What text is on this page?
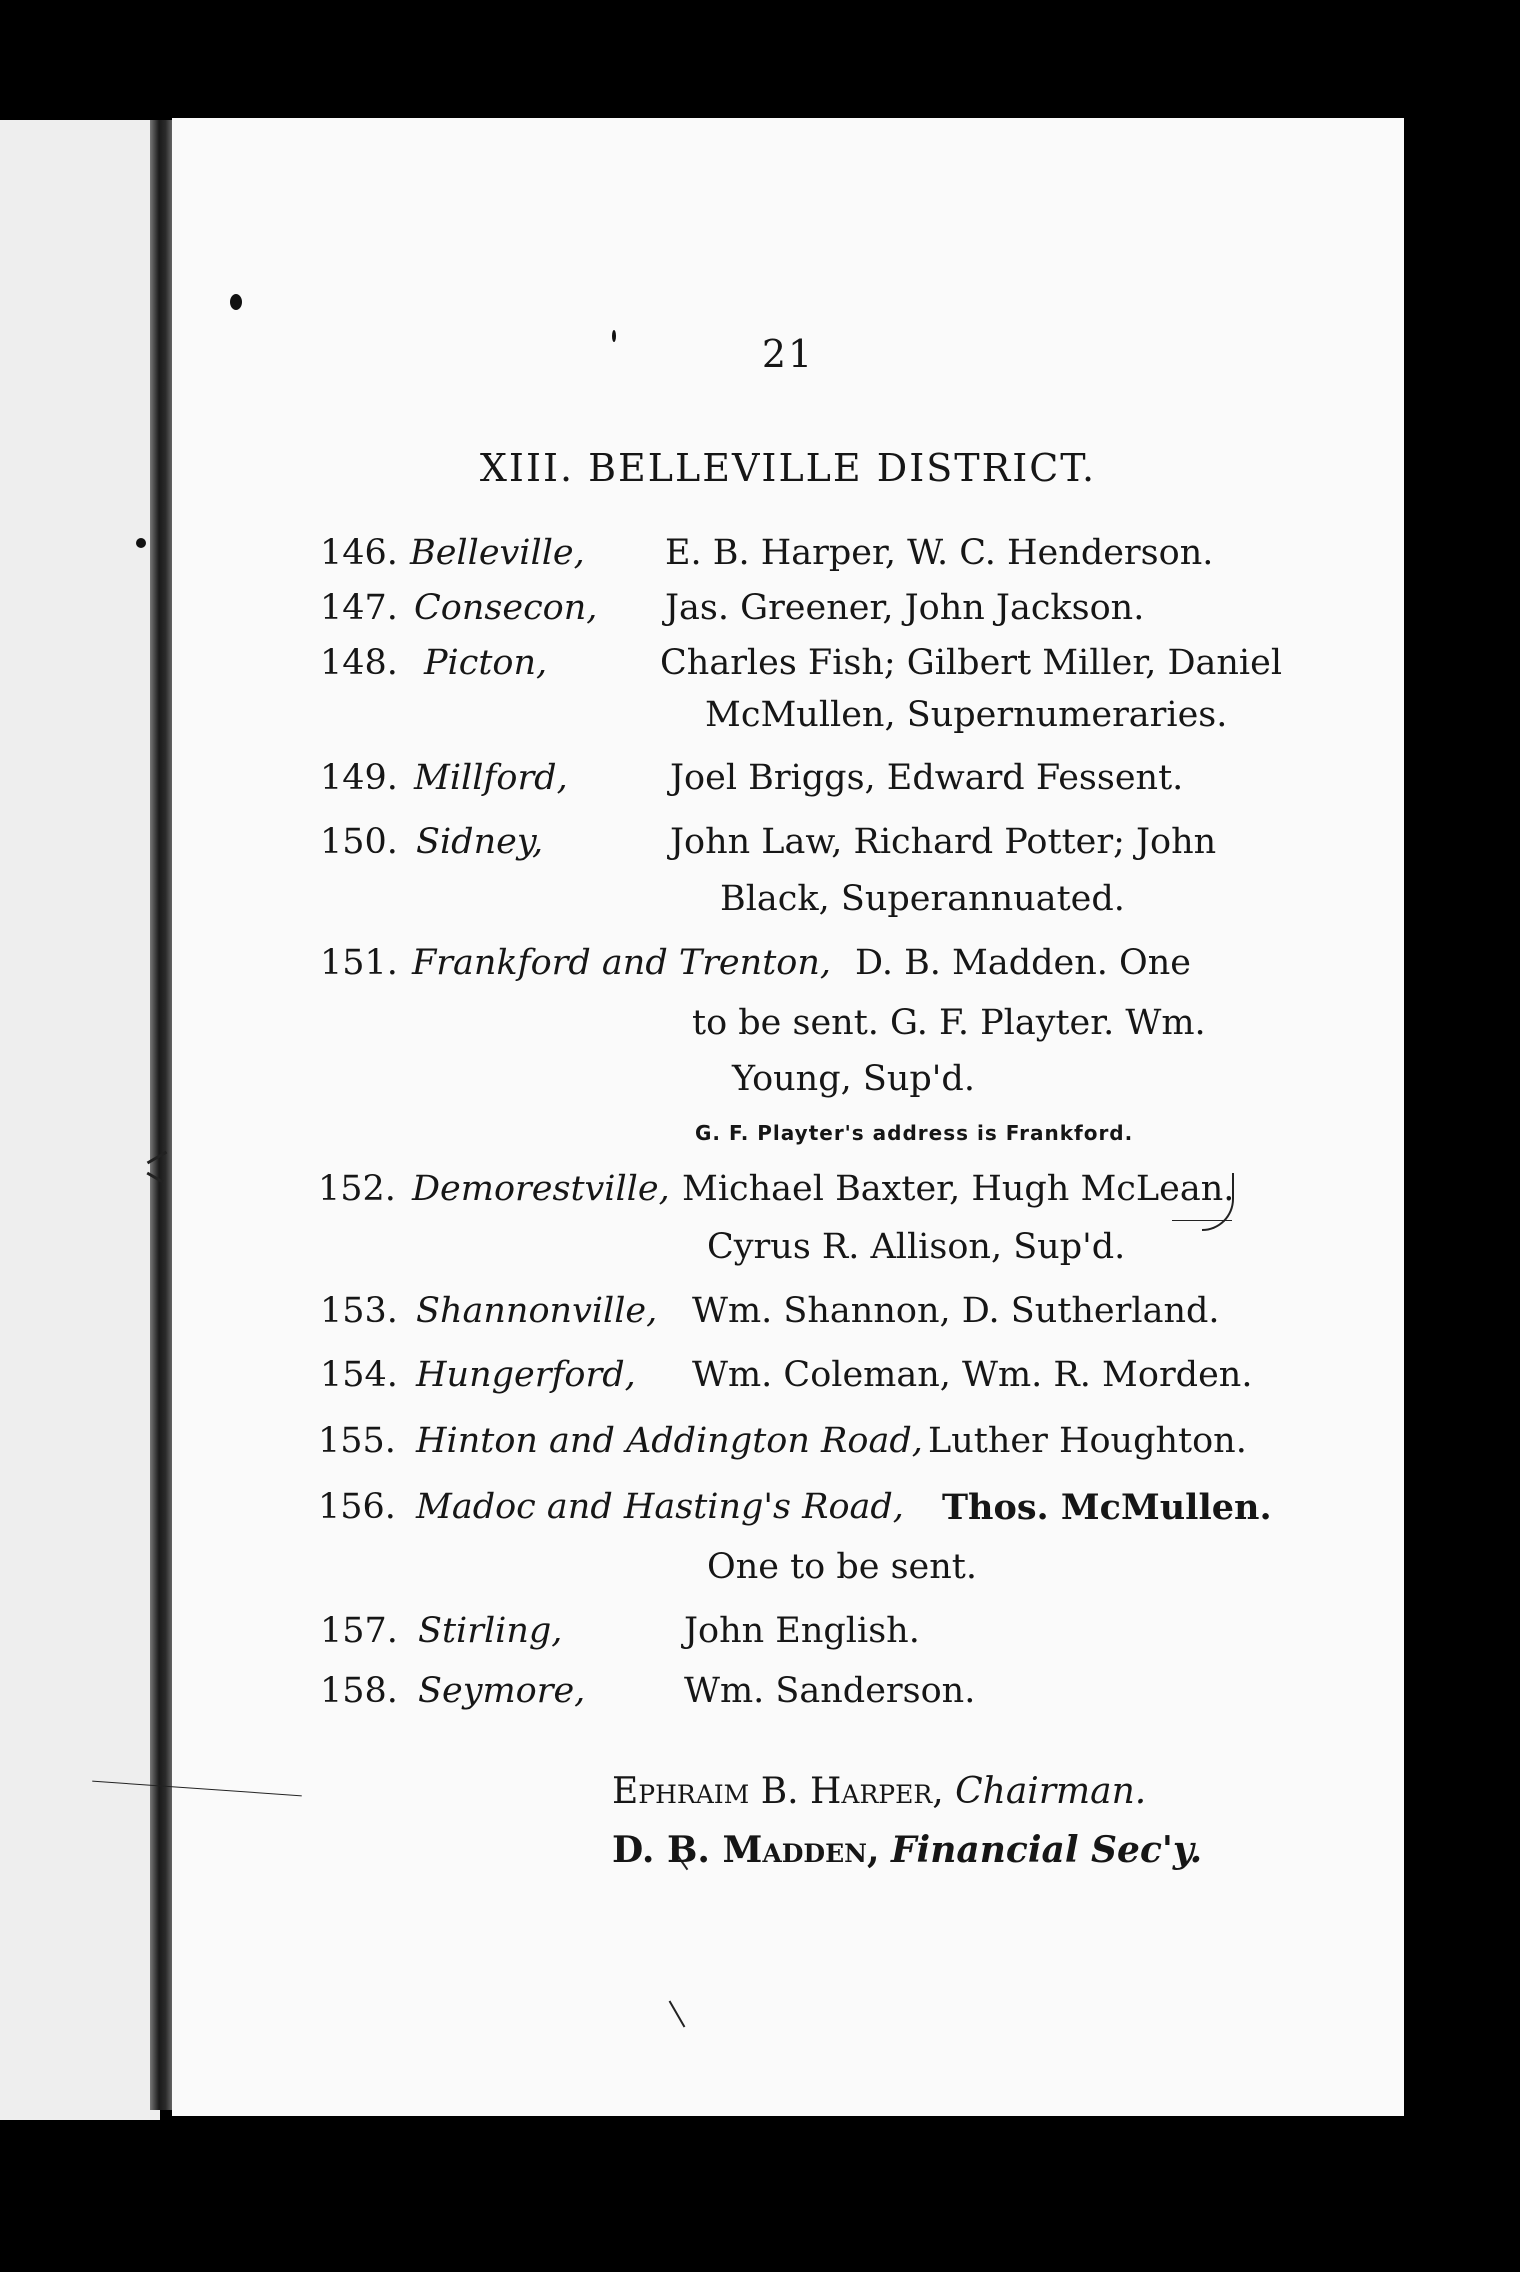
21
XIII. BELLEVILLE DISTRICT.
146. Belleville, E. B. Harper, W. C. Henderson.
147. Consecon, Jas. Greener, John Jackson.
148. Picton,	Charles Fish; Gilbert Miller, Daniel
McMullen, Supernumeraries.
149. Millford,	Joel Briggs, Edward Fessent.
150. Sidney,	John Law, Richard Potter; John
Black, Superannuated.
151. Frankford and Trenton, D. B. Madden. One
to be sent. G. F. Playter. Wm.
Young, Sup'd.
G. F. Playter's address is Frankford.
152. Demorestville, Michael Baxter, Hugh McLean.
Cyrus R. Allison, Sup'd.
153. Shannonville, Wm. Shannon, D. Sutherland.
154. Hungerford, Wm. Coleman, Wm. R. Morden.
155. Hinton and Addington Road, Luther Houghton.
156. Madoc and Hasting's Road, Thos. McMullen.
One to be sent.
157. Stirling,	John English.
158. Seymore,	Wm. Sanderson.
Ephraim B. Harper, Chairman.
D. B. Madden, Financial Sec'y.
